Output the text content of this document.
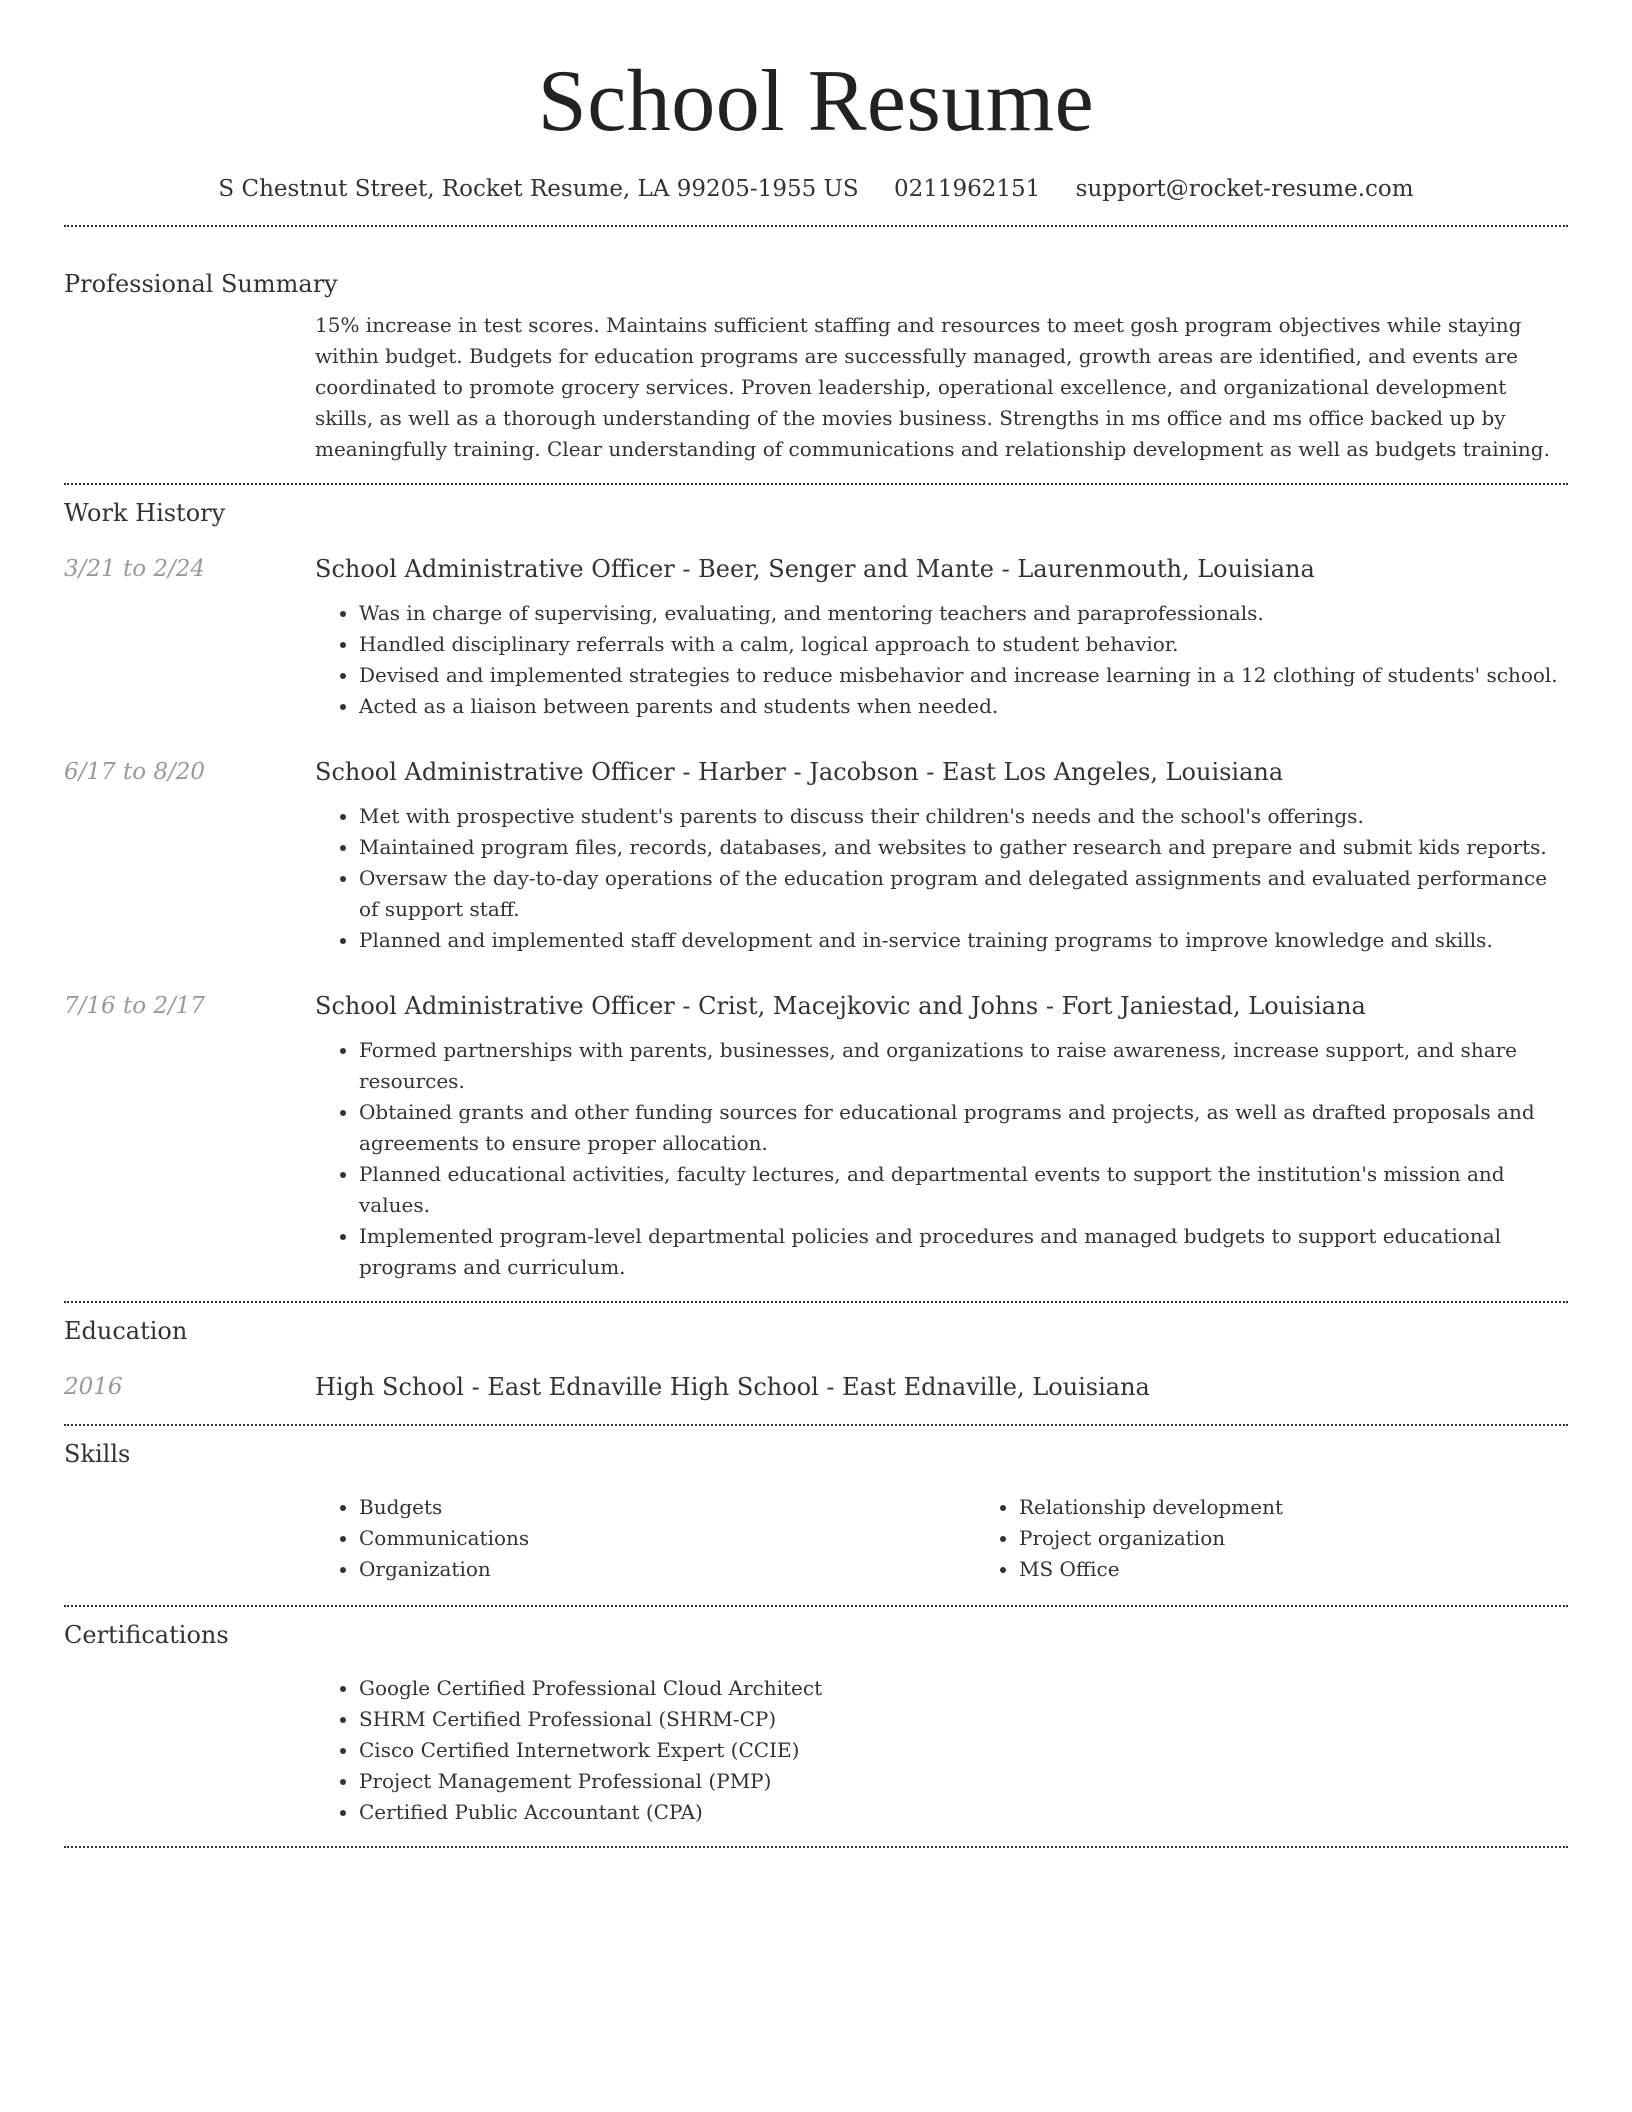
School Resume
S Chestnut Street, Rocket Resume, LA 99205-1955 US 0211962151 support@rocket-resume.com
Professional Summary

15% increase in test scores. Maintains sufficient staffing and resources to meet gosh program objectives while staying within budget. Budgets for education programs are successfully managed, growth areas are identified, and events are coordinated to promote grocery services. Proven leadership, operational excellence, and organizational development skills, as well as a thorough understanding of the movies business. Strengths in ms office and ms office backed up by meaningfully training. Clear understanding of communications and relationship development as well as budgets training.

Work History
3/21 to 2/24	School Administrative Officer - Beer, Senger and Mante - Laurenmouth, Louisiana
• Was in charge of supervising, evaluating, and mentoring teachers and paraprofessionals.
• Handled disciplinary referrals with a calm, logical approach to student behavior.
• Devised and implemented strategies to reduce misbehavior and increase learning in a 12 clothing of students' school.
• Acted as a liaison between parents and students when needed.
6/17 to 8/20	School Administrative Officer - Harber - Jacobson - East Los Angeles, Louisiana
• Met with prospective student's parents to discuss their children's needs and the school's offerings.
• Maintained program files, records, databases, and websites to gather research and prepare and submit kids reports.
• Oversaw the day-to-day operations of the education program and delegated assignments and evaluated performance of support staff.
• Planned and implemented staff development and in-service training programs to improve knowledge and skills.
7/16 to 2/17	School Administrative Officer - Crist, Macejkovic and Johns - Fort Janiestad, Louisiana
• Formed partnerships with parents, businesses, and organizations to raise awareness, increase support, and share resources.
• Obtained grants and other funding sources for educational programs and projects, as well as drafted proposals and agreements to ensure proper allocation.
• Planned educational activities, faculty lectures, and departmental events to support the institution's mission and values.
• Implemented program-level departmental policies and procedures and managed budgets to support educational programs and curriculum.
Education
2016	High School - East Ednaville High School - East Ednaville, Louisiana
Skills
• Budgets
• Communications
• Organization
• Relationship development
• Project organization
• MS Office
Certifications
• Google Certified Professional Cloud Architect
• SHRM Certified Professional (SHRM-CP)
• Cisco Certified Internetwork Expert (CCIE)
• Project Management Professional (PMP)
• Certified Public Accountant (CPA)
